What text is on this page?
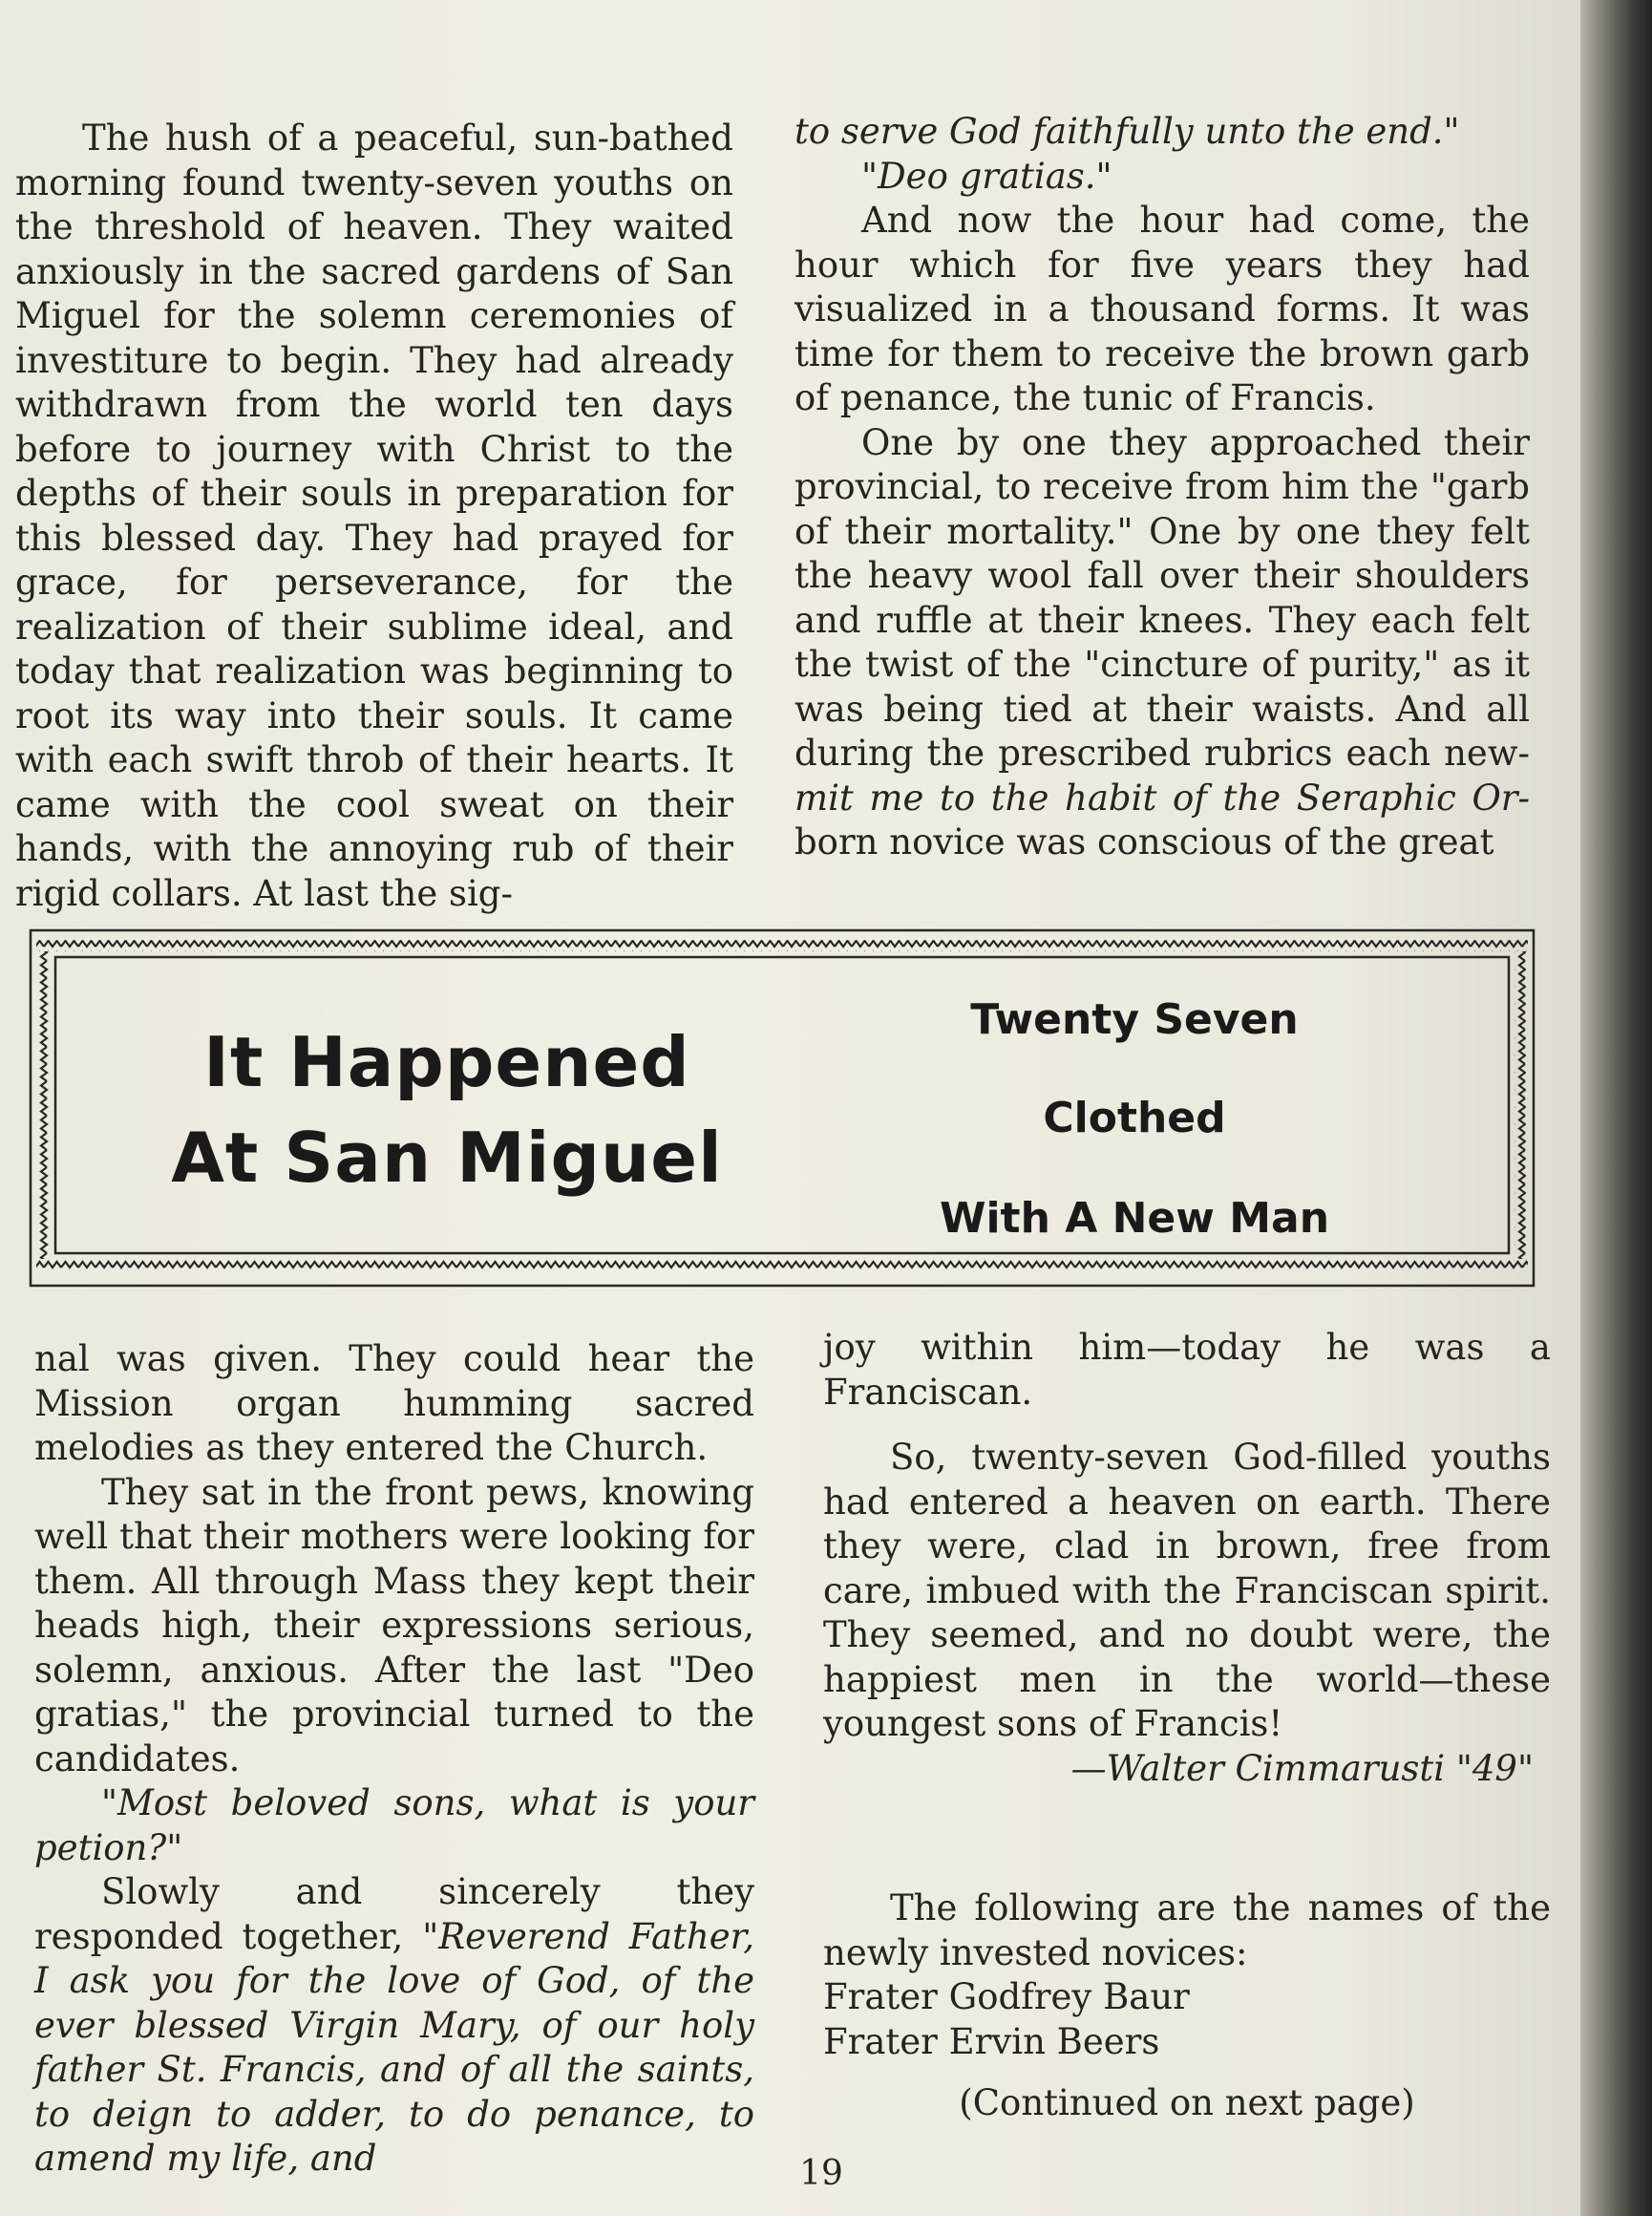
The hush of a peaceful, sun-bathed morning found twenty-seven youths on the threshold of heaven. They waited anxiously in the sacred gardens of San Miguel for the solemn ceremonies of investiture to begin. They had already withdrawn from the world ten days before to journey with Christ to the depths of their souls in preparation for this blessed day. They had prayed for grace, for perseverance, for the realization of their sublime ideal, and today that realization was beginning to root its way into their souls. It came with each swift throb of their hearts. It came with the cool sweat on their hands, with the annoying rub of their rigid collars. At last the sig-

to serve God faithfully unto the end."

"Deo gratias."

And now the hour had come, the hour which for five years they had visualized in a thousand forms. It was time for them to receive the brown garb of penance, the tunic of Francis.

One by one they approached their provincial, to receive from him the "garb of their mortality." One by one they felt the heavy wool fall over their shoulders and ruffle at their knees. They each felt the twist of the "cincture of purity," as it was being tied at their waists. And all during the prescribed rubrics each new- mit me to the habit of the Seraphic Or- born novice was conscious of the great

It Happened
At San Miguel
Twenty Seven
Clothed
With A New Man

nal was given. They could hear the Mission organ humming sacred melodies as they entered the Church.

They sat in the front pews, knowing well that their mothers were looking for them. All through Mass they kept their heads high, their expressions serious, solemn, anxious. After the last "Deo gratias," the provincial turned to the candidates.

"Most beloved sons, what is your petion?"

Slowly and sincerely they responded together, "Reverend Father, I ask you for the love of God, of the ever blessed Virgin Mary, of our holy father St. Francis, and of all the saints, to deign to adder, to do penance, to amend my life, and

joy within him—today he was a Franciscan.

So, twenty-seven God-filled youths had entered a heaven on earth. There they were, clad in brown, free from care, imbued with the Franciscan spirit. They seemed, and no doubt were, the happiest men in the world—these youngest sons of Francis!

—Walter Cimmarusti "49"

The following are the names of the newly invested novices:

Frater Godfrey Baur

Frater Ervin Beers

(Continued on next page)

19
